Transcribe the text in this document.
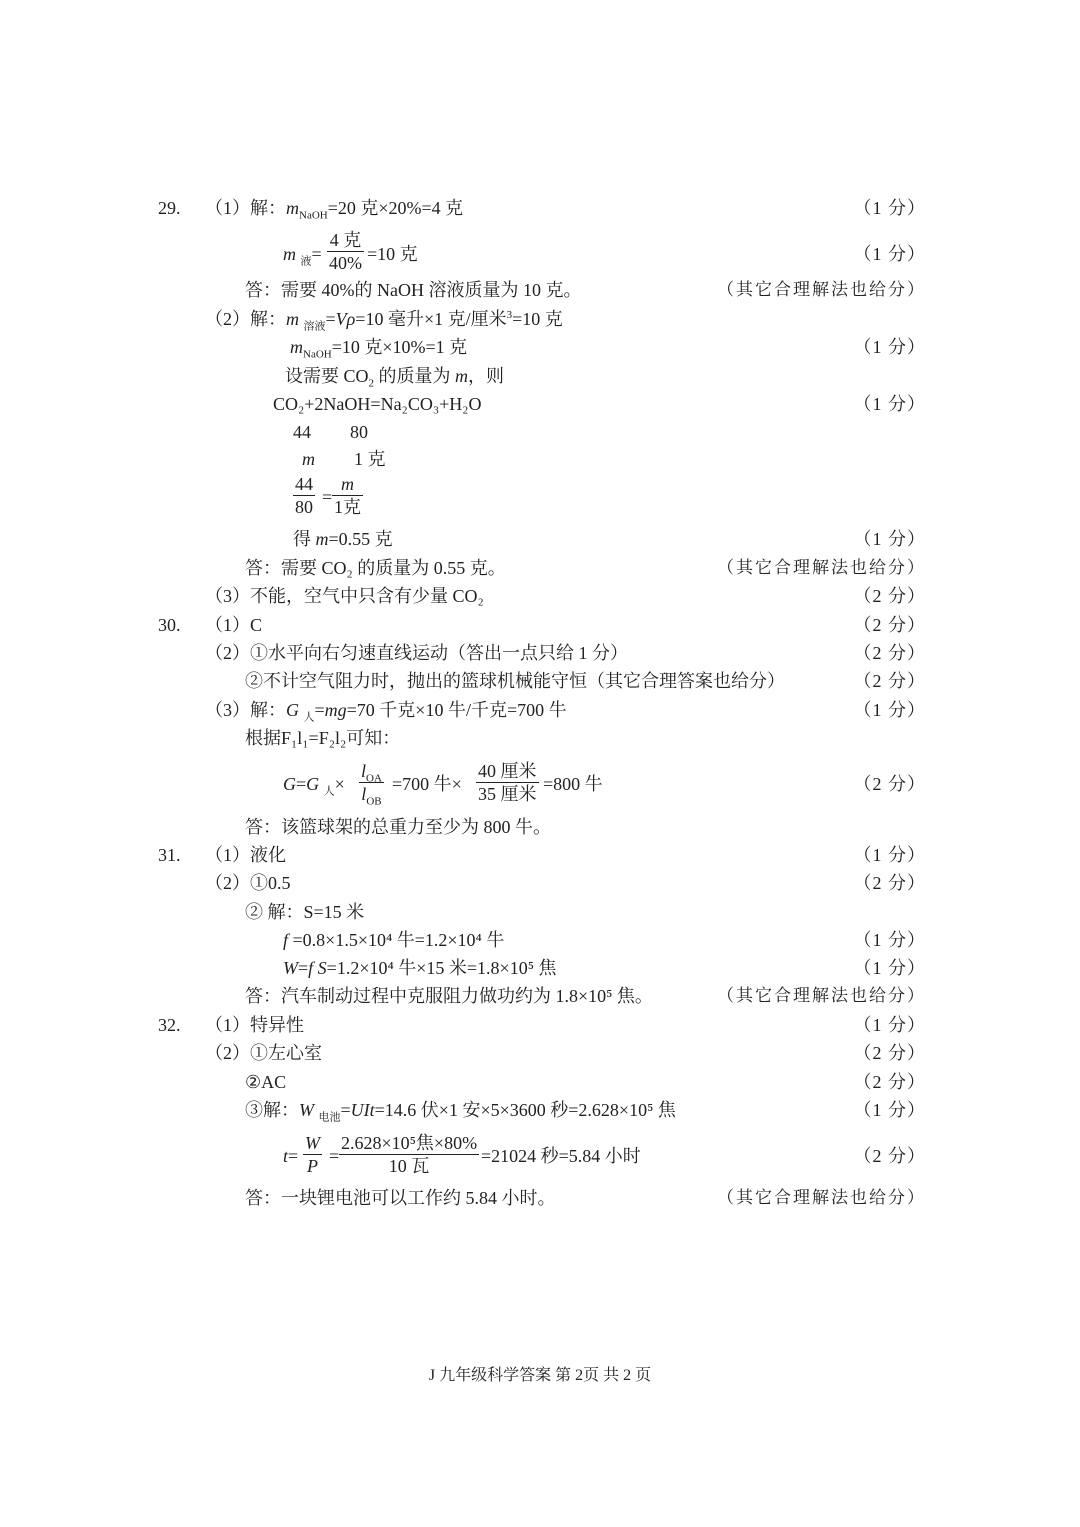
29. （1）解：$m_{NaOH}=20$ 克×20%=4 克	（1 分）
m $_液$=
4 克
40% =10 克	（1 分）
答：需要 40%的 NaOH 溶液质量为 10 克。	（其它合理解法也给分）
（2）解：m $_{溶液}$=Vρ=10 毫升×1 克/厘米$^3$=10 克
$m_{NaOH}=10$ 克×10%=1 克	（1 分）
设需要 $CO_2$ 的质量为 m，则
CO₂+2NaOH=Na₂CO₃+H₂O	（1 分）
44 80
m 1 克
$\frac{44}{80}$ =
m
1克
得 m=0.55 克	（1 分）
答：需要 CO₂ 的质量为 0.55 克。	（其它合理解法也给分）
（3）不能，空气中只含有少量 CO₂	（2 分）
30. （1）C	（2 分）
（2）①水平向右匀速直线运动（答出一点只给 1 分）	（2 分）
②不计空气阻力时，抛出的篮球机械能守恒（其它合理答案也给分）	（2 分）
（3）解：G $_人$=mg=70 千克×10 牛/千克=700 牛	（1 分）
根据F₁l₁=F₂l₂可知：
G=G $_人$×
$l_{OA}$
$l_{OB}$
=700 牛×
40 厘米
35 厘米 =800 牛	（2 分）
答：该篮球架的总重力至少为 800 牛。
31. （1）液化	（1 分）
（2）①0.5	（2 分）
② 解：S=15 米
f =0.8×1.5×10⁴ 牛=1.2×10⁴ 牛	（1 分）
W=f S=1.2×10⁴ 牛×15 米=1.8×10⁵ 焦	（1 分）
答：汽车制动过程中克服阻力做功约为 1.8×10⁵ 焦。	（其它合理解法也给分）
32. （1）特异性	（1 分）
（2）①左心室	（2 分）
②AC	（2 分）
③解：W $_{电池}$=UIt=14.6 伏×1 安×5×3600 秒=2.628×10⁵ 焦	（1 分）
$t= \frac{W}{P}$ =
2.628×10⁵焦×80%
10 瓦	=21024 秒=5.84 小时	（2 分）
答：一块锂电池可以工作约 5.84 小时。	（其它合理解法也给分）
J 九年级科学答案 第 2页 共 2 页
